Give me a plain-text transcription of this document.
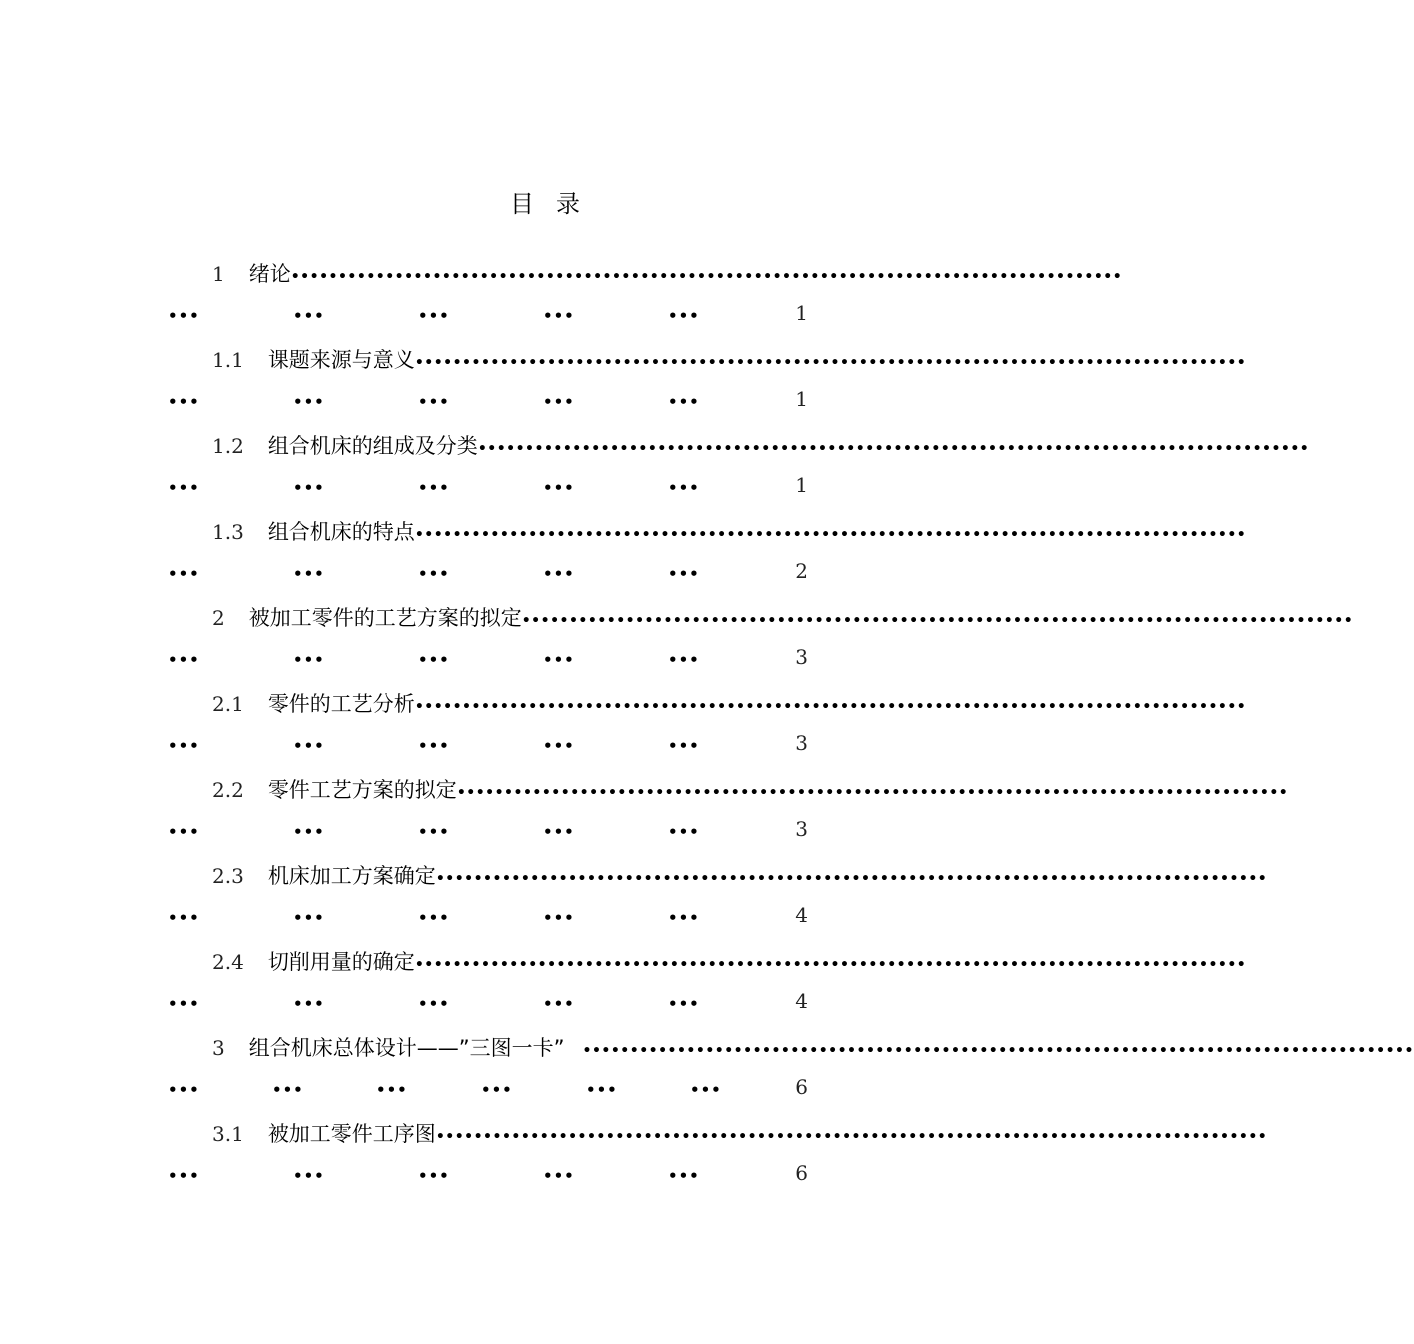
目 录
1 绪论 ••••••••••••••••••••••••••••••••••••••••••••••••••••••••••••••••••••••••••••••••••••••••
•••	•••	•••	•••	•••	1
1.1 课题来源与意义 ••••••••••••••••••••••••••••••••••••••••••••••••••••••••••••••••••••••••••••••••••••••••
•••	•••	•••	•••	•••	1
1.2 组合机床的组成及分类 ••••••••••••••••••••••••••••••••••••••••••••••••••••••••••••••••••••••••••••••••••••••••
•••	•••	•••	•••	•••	1
1.3 组合机床的特点 ••••••••••••••••••••••••••••••••••••••••••••••••••••••••••••••••••••••••••••••••••••••••
•••	•••	•••	•••	•••	2
2 被加工零件的工艺方案的拟定 ••••••••••••••••••••••••••••••••••••••••••••••••••••••••••••••••••••••••••••••••••••••••
•••	•••	•••	•••	•••	3
2.1 零件的工艺分析 ••••••••••••••••••••••••••••••••••••••••••••••••••••••••••••••••••••••••••••••••••••••••
•••	•••	•••	•••	•••	3
2.2 零件工艺方案的拟定 ••••••••••••••••••••••••••••••••••••••••••••••••••••••••••••••••••••••••••••••••••••••••
•••	•••	•••	•••	•••	3
2.3 机床加工方案确定 ••••••••••••••••••••••••••••••••••••••••••••••••••••••••••••••••••••••••••••••••••••••••
•••	•••	•••	•••	•••	4
2.4 切削用量的确定 ••••••••••••••••••••••••••••••••••••••••••••••••••••••••••••••••••••••••••••••••••••••••
•••	•••	•••	•••	•••	4
3 组合机床总体设计——”三图一卡” ••••••••••••••••••••••••••••••••••••••••••••••••••••••••••••••••••••••••••••••••••••••••
•••	•••	•••	•••	•••	•••	6
3.1 被加工零件工序图 ••••••••••••••••••••••••••••••••••••••••••••••••••••••••••••••••••••••••••••••••••••••••
•••	•••	•••	•••	•••	6
